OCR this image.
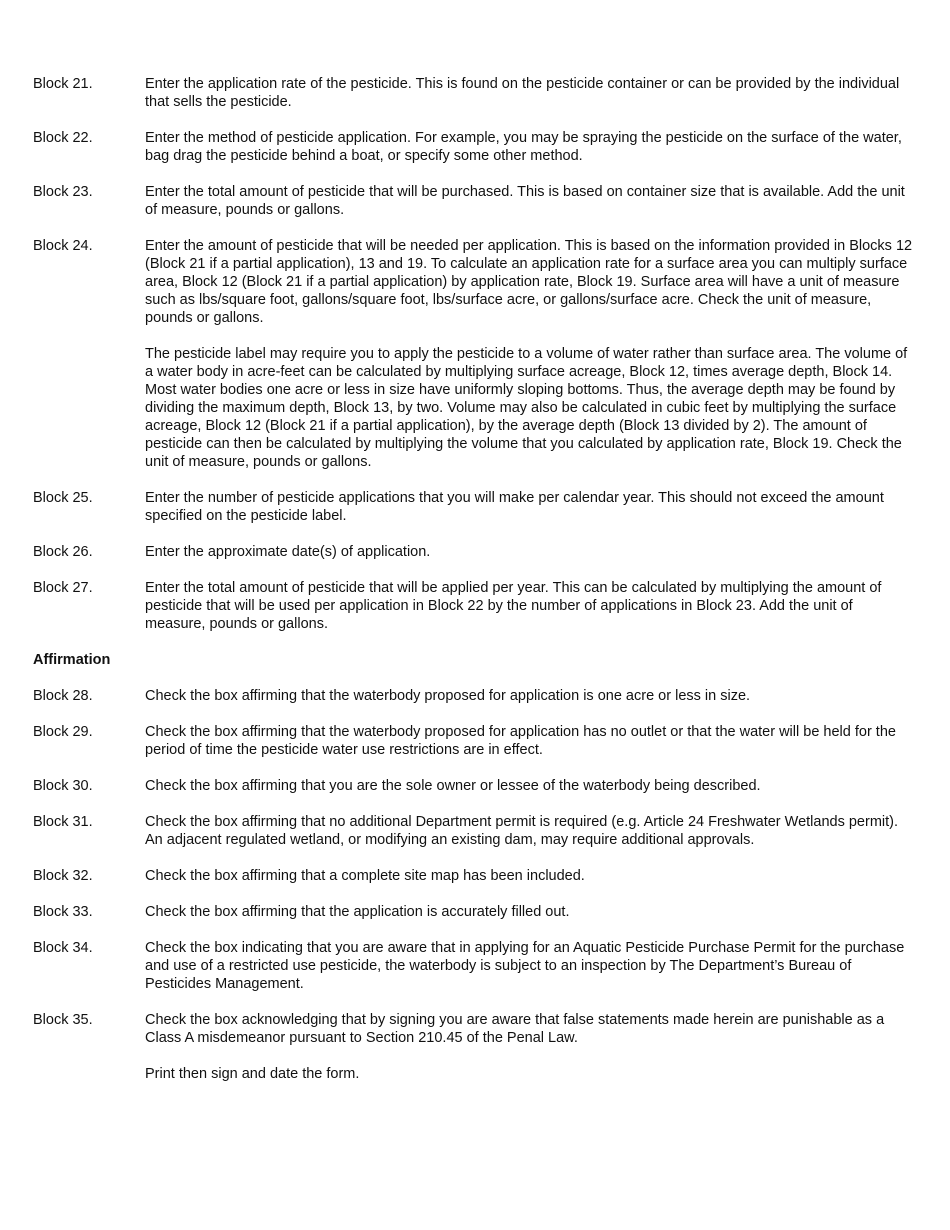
Block 21.	Enter the application rate of the pesticide. This is found on the pesticide container or can be provided by the individual that sells the pesticide.

Block 22.	Enter the method of pesticide application. For example, you may be spraying the pesticide on the surface of the water, bag drag the pesticide behind a boat, or specify some other method.

Block 23.	Enter the total amount of pesticide that will be purchased. This is based on container size that is available. Add the unit of measure, pounds or gallons.

Block 24.	Enter the amount of pesticide that will be needed per application. This is based on the information provided in Blocks 12 (Block 21 if a partial application), 13 and 19. To calculate an application rate for a surface area you can multiply surface area, Block 12 (Block 21 if a partial application) by application rate, Block 19. Surface area will have a unit of measure such as lbs/square foot, gallons/square foot, lbs/surface acre, or gallons/surface acre. Check the unit of measure, pounds or gallons.

The pesticide label may require you to apply the pesticide to a volume of water rather than surface area. The volume of a water body in acre-feet can be calculated by multiplying surface acreage, Block 12, times average depth, Block 14. Most water bodies one acre or less in size have uniformly sloping bottoms. Thus, the average depth may be found by dividing the maximum depth, Block 13, by two. Volume may also be calculated in cubic feet by multiplying the surface acreage, Block 12 (Block 21 if a partial application), by the average depth (Block 13 divided by 2). The amount of pesticide can then be calculated by multiplying the volume that you calculated by application rate, Block 19. Check the unit of measure, pounds or gallons.

Block 25.	Enter the number of pesticide applications that you will make per calendar year. This should not exceed the amount specified on the pesticide label.

Block 26.	Enter the approximate date(s) of application.

Block 27.	Enter the total amount of pesticide that will be applied per year. This can be calculated by multiplying the amount of pesticide that will be used per application in Block 22 by the number of applications in Block 23. Add the unit of measure, pounds or gallons.

Affirmation
Block 28.	Check the box affirming that the waterbody proposed for application is one acre or less in size.

Block 29.	Check the box affirming that the waterbody proposed for application has no outlet or that the water will be held for the period of time the pesticide water use restrictions are in effect.

Block 30.	Check the box affirming that you are the sole owner or lessee of the waterbody being described.

Block 31.	Check the box affirming that no additional Department permit is required (e.g. Article 24 Freshwater Wetlands permit). An adjacent regulated wetland, or modifying an existing dam, may require additional approvals.

Block 32.	Check the box affirming that a complete site map has been included.

Block 33.	Check the box affirming that the application is accurately filled out.

Block 34.	Check the box indicating that you are aware that in applying for an Aquatic Pesticide Purchase Permit for the purchase and use of a restricted use pesticide, the waterbody is subject to an inspection by The Department’s Bureau of Pesticides Management.

Block 35.	Check the box acknowledging that by signing you are aware that false statements made herein are punishable as a Class A misdemeanor pursuant to Section 210.45 of the Penal Law.

Print then sign and date the form.
